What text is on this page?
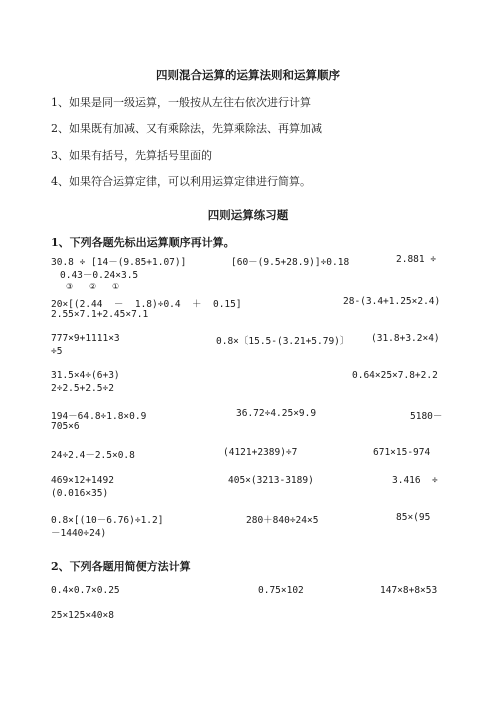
四则混合运算的运算法则和运算顺序
1、如果是同一级运算，一般按从左往右依次进行计算
2、如果既有加减、又有乘除法，先算乘除法、再算加减
3、如果有括号，先算括号里面的
4、如果符合运算定律，可以利用运算定律进行简算。
四则运算练习题
1、下列各题先标出运算顺序再计算。
30.8 ÷ [14－(9.85+1.07)]	[60－(9.5+28.9)]÷0.18	2.881 ÷
0.43－0.24×3.5
③ ② ①
20×[(2.44  －  1.8)÷0.4  ＋  0.15]	28-(3.4+1.25×2.4)
2.55×7.1+2.45×7.1
777×9+1111×3	0.8×〔15.5-(3.21+5.79)〕 (31.8+3.2×4)
÷5
31.5×4÷(6+3)	0.64×25×7.8+2.2
2÷2.5+2.5÷2
194－64.8÷1.8×0.9	36.72÷4.25×9.9	5180－
705×6
24÷2.4－2.5×0.8	(4121+2389)÷7	671×15-974
469×12+1492	405×(3213-3189)	3.416  ÷
(0.016×35)
0.8×[(10－6.76)÷1.2]	280＋840÷24×5	85×(95
－1440÷24)
2、下列各题用简便方法计算
0.4×0.7×0.25	0.75×102	147×8+8×53
25×125×40×8
